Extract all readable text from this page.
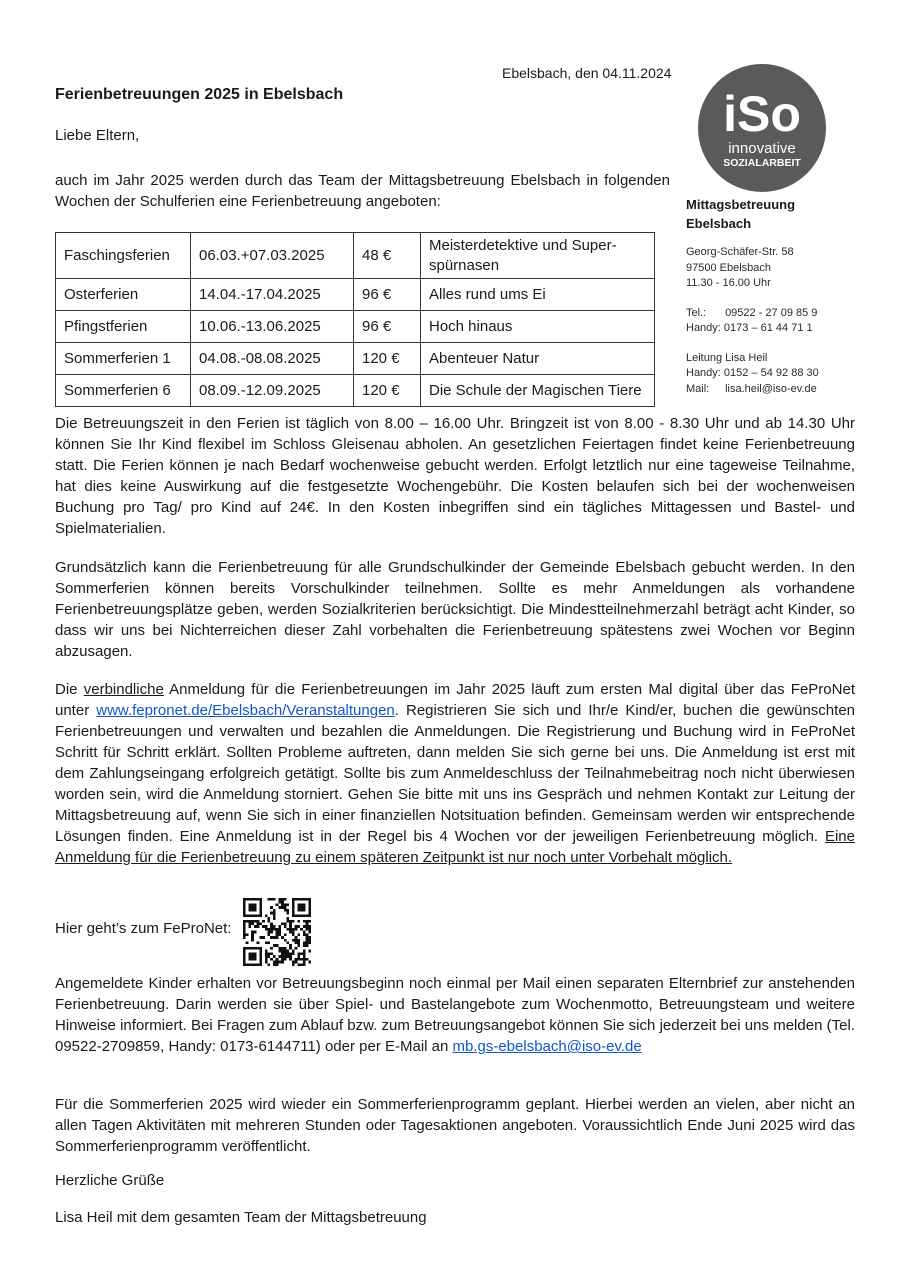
Ebelsbach, den 04.11.2024
Ferienbetreuungen 2025 in Ebelsbach
Liebe Eltern,
auch im Jahr 2025 werden durch das Team der Mittagsbetreuung Ebelsbach in folgenden Wochen der Schulferien eine Ferienbetreuung angeboten:
iSo
innovative
SOZIALARBEIT
Mittagsbetreuung
Ebelsbach
Georg-Schäfer-Str. 58
97500 Ebelsbach
11.30 - 16.00 Uhr
Tel.: 09522 - 27 09 85 9
Handy: 0173 – 61 44 71 1
Leitung Lisa Heil
Handy: 0152 – 54 92 88 30
Mail: lisa.heil@iso-ev.de
Faschingsferien	06.03.+07.03.2025	48 €	Meisterdetektive und Super-spürnasen
Osterferien	14.04.-17.04.2025	96 €	Alles rund ums Ei
Pfingstferien	10.06.-13.06.2025	96 €	Hoch hinaus
Sommerferien 1	04.08.-08.08.2025	120 €	Abenteuer Natur
Sommerferien 6	08.09.-12.09.2025	120 €	Die Schule der Magischen Tiere
Die Betreuungszeit in den Ferien ist täglich von 8.00 – 16.00 Uhr. Bringzeit ist von 8.00 - 8.30 Uhr und ab 14.30 Uhr können Sie Ihr Kind flexibel im Schloss Gleisenau abholen. An gesetzlichen Feiertagen findet keine Ferienbetreuung statt. Die Ferien können je nach Bedarf wochenweise gebucht werden. Erfolgt letztlich nur eine tageweise Teilnahme, hat dies keine Auswirkung auf die festgesetzte Wochengebühr. Die Kosten belaufen sich bei der wochenweisen Buchung pro Tag/ pro Kind auf 24€. In den Kosten inbegriffen sind ein tägliches Mittagessen und Bastel- und Spielmaterialien.
Grundsätzlich kann die Ferienbetreuung für alle Grundschulkinder der Gemeinde Ebelsbach gebucht werden. In den Sommerferien können bereits Vorschulkinder teilnehmen. Sollte es mehr Anmeldungen als vorhandene Ferienbetreuungsplätze geben, werden Sozialkriterien berücksichtigt. Die Mindestteilnehmerzahl beträgt acht Kinder, so dass wir uns bei Nichterreichen dieser Zahl vorbehalten die Ferienbetreuung spätestens zwei Wochen vor Beginn abzusagen.
Die verbindliche Anmeldung für die Ferienbetreuungen im Jahr 2025 läuft zum ersten Mal digital über das FeProNet unter www.fepronet.de/Ebelsbach/Veranstaltungen. Registrieren Sie sich und Ihr/e Kind/er, buchen die gewünschten Ferienbetreuungen und verwalten und bezahlen die Anmeldungen. Die Registrierung und Buchung wird in FeProNet Schritt für Schritt erklärt. Sollten Probleme auftreten, dann melden Sie sich gerne bei uns. Die Anmeldung ist erst mit dem Zahlungseingang erfolgreich getätigt. Sollte bis zum Anmeldeschluss der Teilnahmebeitrag noch nicht überwiesen worden sein, wird die Anmeldung storniert. Gehen Sie bitte mit uns ins Gespräch und nehmen Kontakt zur Leitung der Mittagsbetreuung auf, wenn Sie sich in einer finanziellen Notsituation befinden. Gemeinsam werden wir entsprechende Lösungen finden. Eine Anmeldung ist in der Regel bis 4 Wochen vor der jeweiligen Ferienbetreuung möglich. Eine Anmeldung für die Ferienbetreuung zu einem späteren Zeitpunkt ist nur noch unter Vorbehalt möglich.
Hier geht’s zum FeProNet:
Angemeldete Kinder erhalten vor Betreuungsbeginn noch einmal per Mail einen separaten Elternbrief zur anstehenden Ferienbetreuung. Darin werden sie über Spiel- und Bastelangebote zum Wochenmotto, Betreuungsteam und weitere Hinweise informiert. Bei Fragen zum Ablauf bzw. zum Betreuungsangebot können Sie sich jederzeit bei uns melden (Tel. 09522-2709859, Handy: 0173-6144711) oder per E-Mail an mb.gs-ebelsbach@iso-ev.de
Für die Sommerferien 2025 wird wieder ein Sommerferienprogramm geplant. Hierbei werden an vielen, aber nicht an allen Tagen Aktivitäten mit mehreren Stunden oder Tagesaktionen angeboten. Voraussichtlich Ende Juni 2025 wird das Sommerferienprogramm veröffentlicht.
Herzliche Grüße
Lisa Heil mit dem gesamten Team der Mittagsbetreuung
